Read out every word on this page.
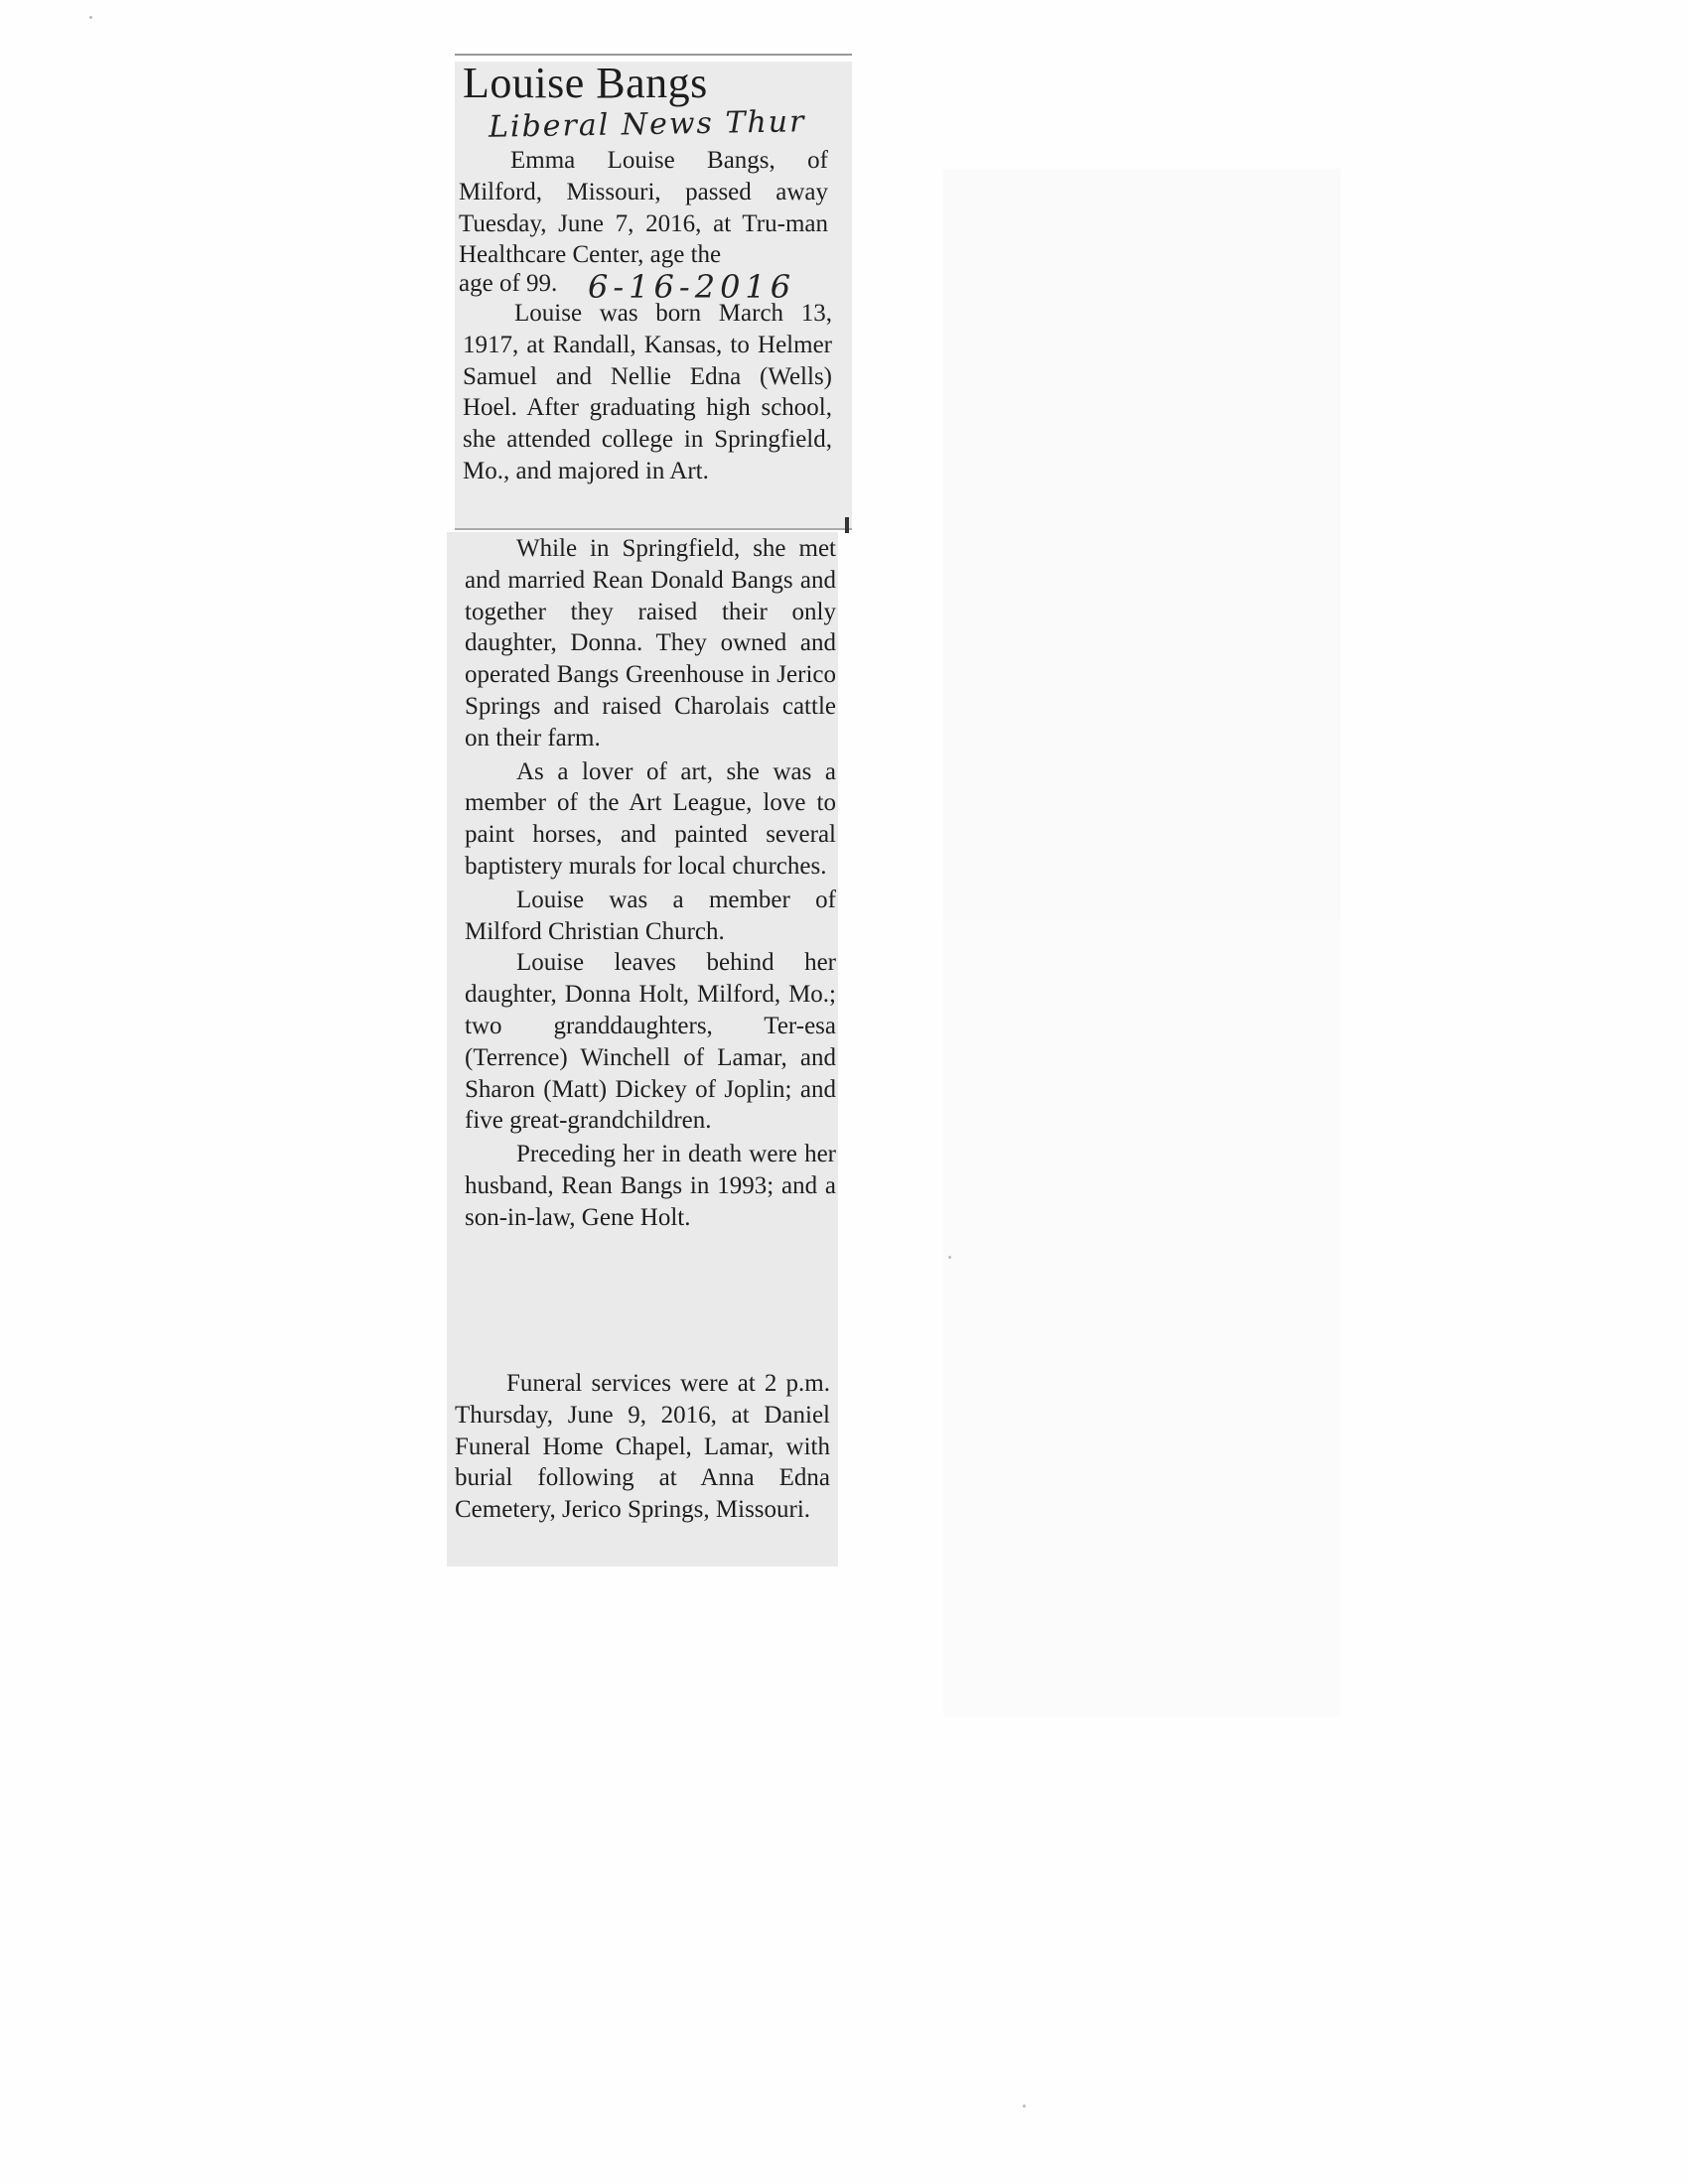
Louise Bangs
Liberal News Thur

Emma Louise Bangs, of Milford, Missouri, passed away Tuesday, June 7, 2016, at Tru-man Healthcare Center, age the

age of 99. 6-16-2016

Louise was born March 13, 1917, at Randall, Kansas, to Helmer Samuel and Nellie Edna (Wells) Hoel. After graduating high school, she attended college in Springfield, Mo., and majored in Art.

While in Springfield, she met and married Rean Donald Bangs and together they raised their only daughter, Donna. They owned and operated Bangs Greenhouse in Jerico Springs and raised Charolais cattle on their farm.

As a lover of art, she was a member of the Art League, love to paint horses, and painted several baptistery murals for local churches.

Louise was a member of Milford Christian Church.

Louise leaves behind her daughter, Donna Holt, Milford, Mo.; two granddaughters, Ter-esa (Terrence) Winchell of Lamar, and Sharon (Matt) Dickey of Joplin; and five great-grandchildren.

Preceding her in death were her husband, Rean Bangs in 1993; and a son-in-law, Gene Holt.

Funeral services were at 2 p.m. Thursday, June 9, 2016, at Daniel Funeral Home Chapel, Lamar, with burial following at Anna Edna Cemetery, Jerico Springs, Missouri.
